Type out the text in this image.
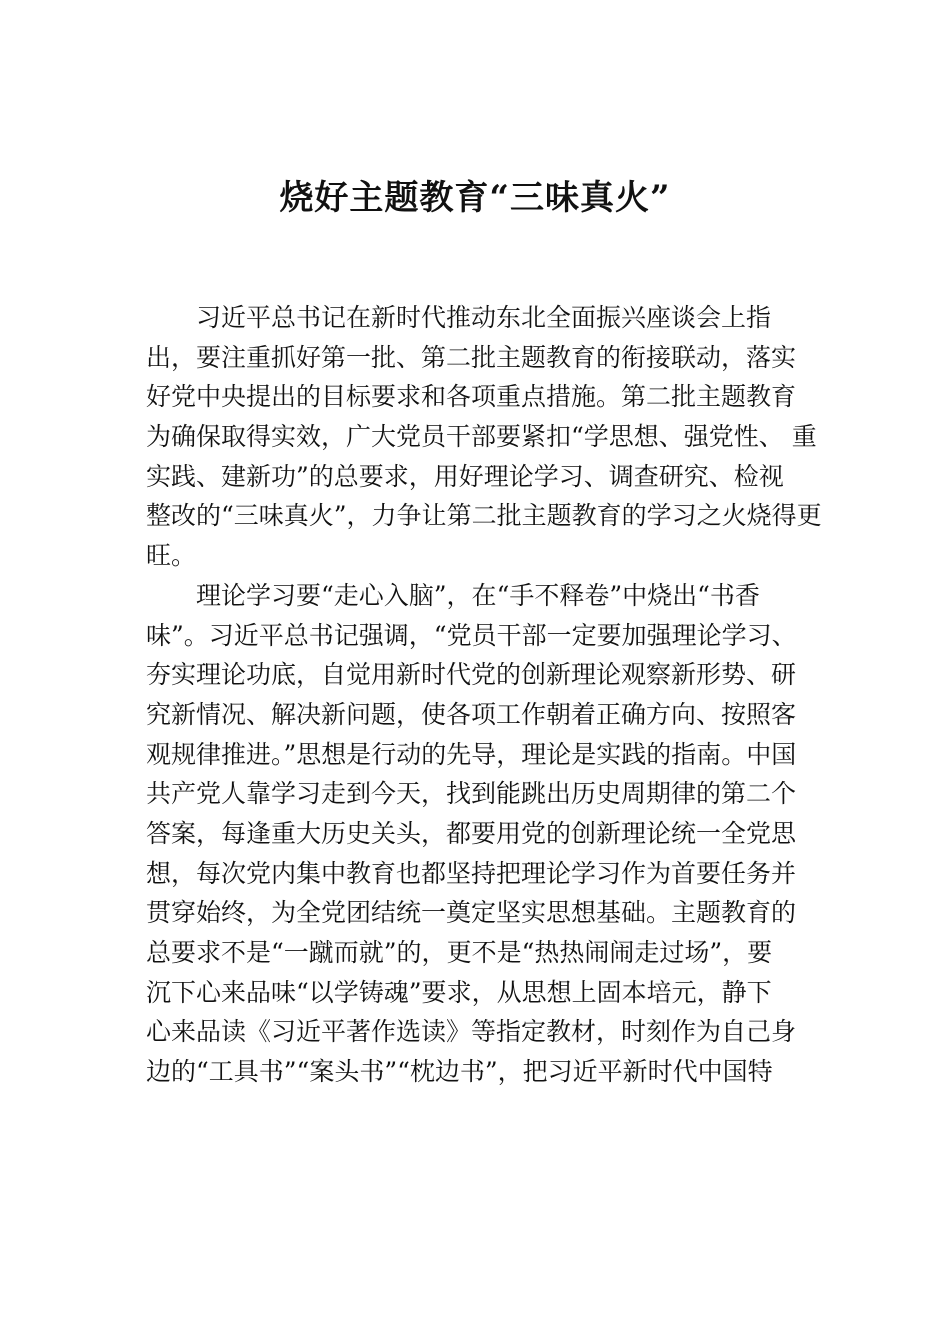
烧好主题教育“三味真火”
习近平总书记在新时代推动东北全面振兴座谈会上指
出，要注重抓好第一批、第二批主题教育的衔接联动，落实
好党中央提出的目标要求和各项重点措施。第二批主题教育
为确保取得实效，广大党员干部要紧扣“学思想、强党性、 重
实践、建新功”的总要求，用好理论学习、调查研究、检视
整改的“三味真火”，力争让第二批主题教育的学习之火烧得更
旺。
理论学习要“走心入脑”，在“手不释卷”中烧出“书香
味”。习近平总书记强调，“党员干部一定要加强理论学习、
夯实理论功底，自觉用新时代党的创新理论观察新形势、研
究新情况、解决新问题，使各项工作朝着正确方向、按照客
观规律推进。”思想是行动的先导，理论是实践的指南。中国
共产党人靠学习走到今天，找到能跳出历史周期律的第二个
答案，每逢重大历史关头，都要用党的创新理论统一全党思
想，每次党内集中教育也都坚持把理论学习作为首要任务并
贯穿始终，为全党团结统一奠定坚实思想基础。主题教育的
总要求不是“一蹴而就”的，更不是“热热闹闹走过场”，要
沉下心来品味“以学铸魂”要求，从思想上固本培元，静下
心来品读《习近平著作选读》等指定教材，时刻作为自己身
边的“工具书”“案头书”“枕边书”，把习近平新时代中国特
